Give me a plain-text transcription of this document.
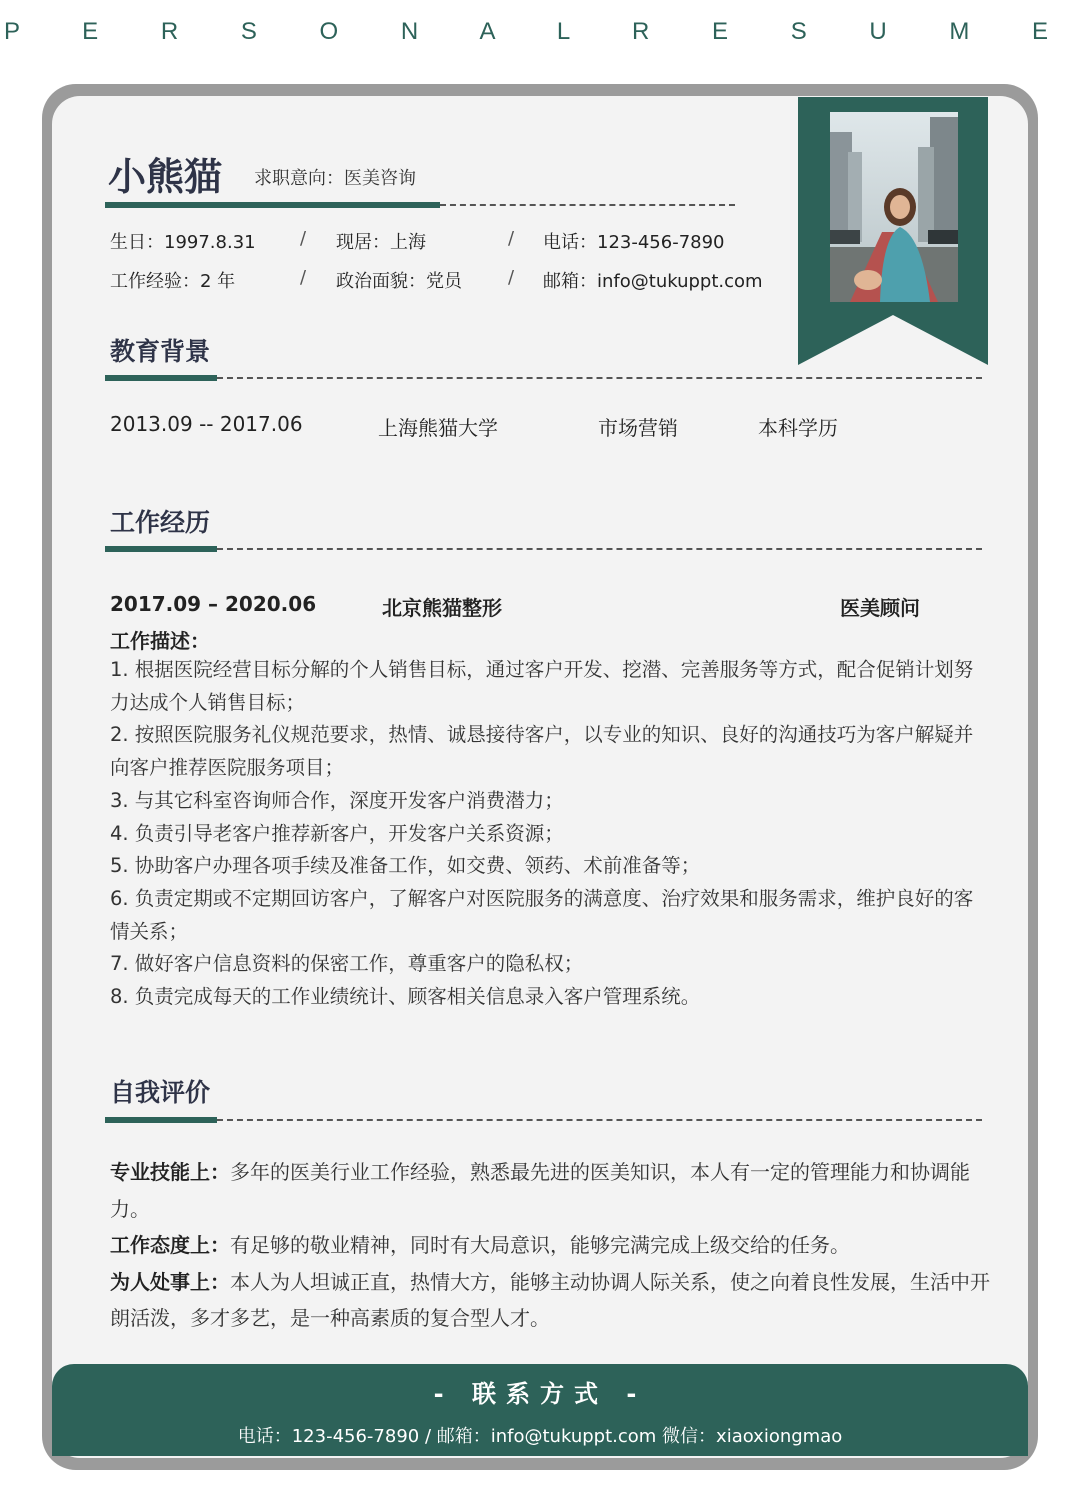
P E R S O N A L R E S U M E
小熊猫 求职意向：医美咨询
生日：1997.8.31 / 现居：上海	/ 电话：123-456-7890
工作经验：2 年	/ 政治面貌：党员	/ 邮箱：info@tukuppt.com
教育背景
2013.09 -- 2017.06	上海熊猫大学	市场营销	本科学历
工作经历
2017.09 – 2020.06	北京熊猫整形	医美顾问
工作描述：
1. 根据医院经营目标分解的个人销售目标，通过客户开发、挖潜、完善服务等方式，配合促销计划努力达成个人销售目标；
2. 按照医院服务礼仪规范要求，热情、诚恳接待客户，以专业的知识、良好的沟通技巧为客户解疑并向客户推荐医院服务项目；
3. 与其它科室咨询师合作，深度开发客户消费潜力；
4. 负责引导老客户推荐新客户，开发客户关系资源；
5. 协助客户办理各项手续及准备工作，如交费、领药、术前准备等；
6. 负责定期或不定期回访客户，了解客户对医院服务的满意度、治疗效果和服务需求，维护良好的客情关系；
7. 做好客户信息资料的保密工作，尊重客户的隐私权；
8. 负责完成每天的工作业绩统计、顾客相关信息录入客户管理系统。
自我评价
专业技能上：多年的医美行业工作经验，熟悉最先进的医美知识，本人有一定的管理能力和协调能力。
工作态度上：有足够的敬业精神，同时有大局意识，能够完满完成上级交给的任务。
为人处事上：本人为人坦诚正直，热情大方，能够主动协调人际关系，使之向着良性发展，生活中开朗活泼，多才多艺，是一种高素质的复合型人才。
- 联系方式 -
电话：123-456-7890 / 邮箱：info@tukuppt.com 微信：xiaoxiongmao
